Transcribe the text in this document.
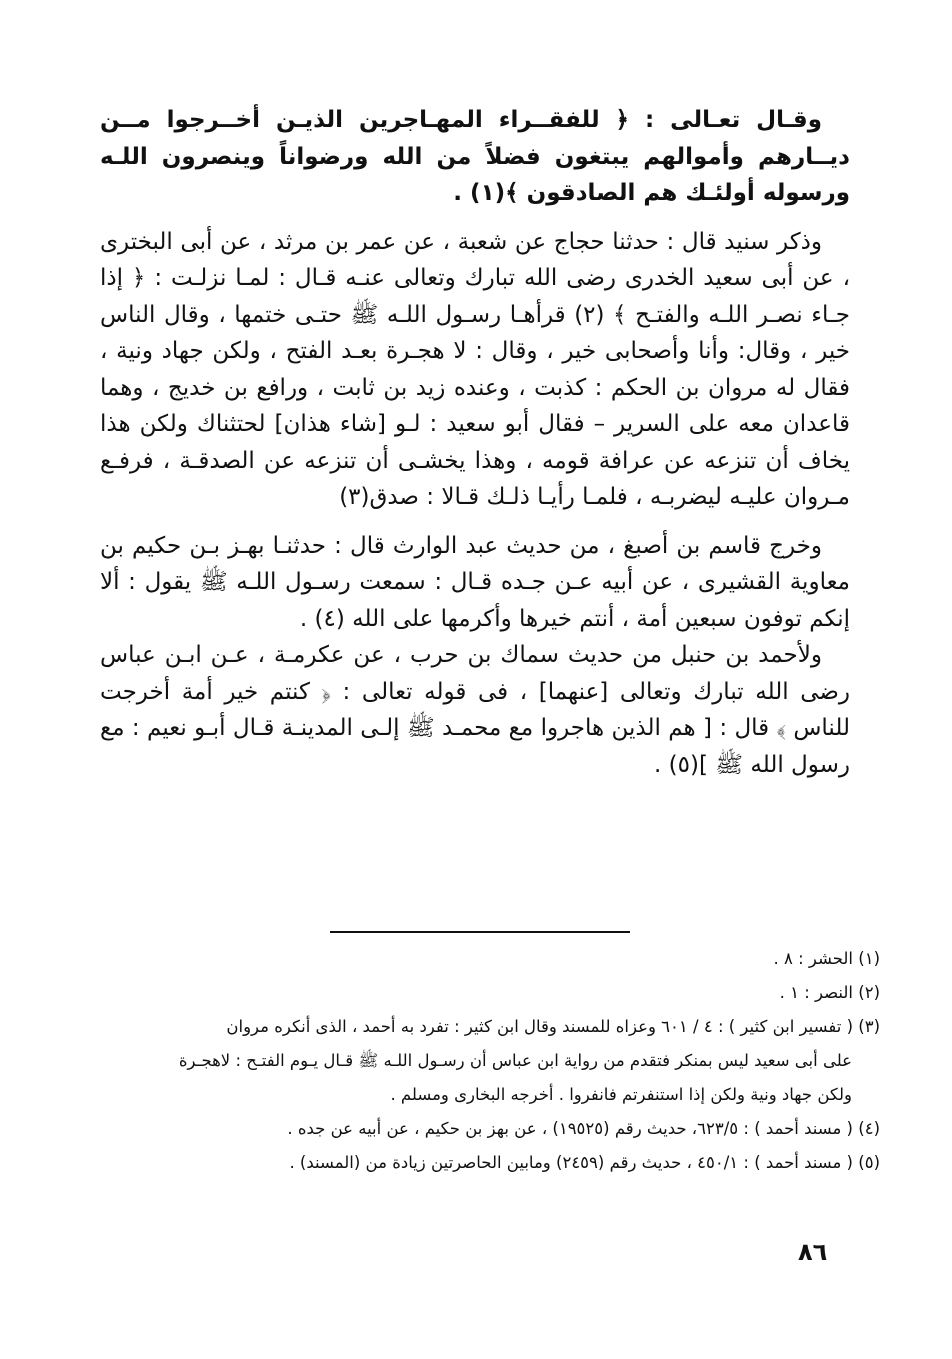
وقـال تعـالى : ﴿ للفقــراء المهـاجرين الذيـن أخــرجوا مــن ديــارهم وأموالهم يبتغون فضلاً من الله ورضواناً وينصرون اللـه ورسوله أولئـك هم الصادقون ﴾(١) .

وذكر سنيد قال : حدثنا حجاج عن شعبة ، عن عمر بن مرثد ، عن أبى البخترى ، عن أبى سعيد الخدرى رضى الله تبارك وتعالى عنـه قـال : لمـا نزلـت : ﴿ إذا جـاء نصـر اللـه والفتـح ﴾ (٢) قرأهـا رسـول اللـه ﷺ حتـى ختمها ، وقال الناس خير ، وقال: وأنا وأصحابى خير ، وقال : لا هجـرة بعـد الفتح ، ولكن جهاد ونية ، فقال له مروان بن الحكم : كذبت ، وعنده زيد بن ثابت ، ورافع بن خديج ، وهما قاعدان معه على السرير – فقال أبو سعيد : لـو [شاء هذان] لحتثناك ولكن هذا يخاف أن تنزعه عن عرافة قومه ، وهذا يخشـى أن تنزعه عن الصدقـة ، فرفـع مـروان عليـه ليضربـه ، فلمـا رأيـا ذلـك قـالا : صدق(٣)

وخرج قاسم بن أصبغ ، من حديث عبد الوارث قال : حدثنـا بهـز بـن حكيم بن معاوية القشيرى ، عن أبيه عـن جـده قـال : سمعت رسـول اللـه ﷺ يقول : ألا إنكم توفون سبعين أمة ، أنتم خيرها وأكرمها على الله (٤) .

ولأحمد بن حنبل من حديث سماك بن حرب ، عن عكرمـة ، عـن ابـن عباس رضى الله تبارك وتعالى [عنهما] ، فى قوله تعالى : ﴿ كنتم خير أمة أخرجت للناس ﴾ قال : [ هم الذين هاجروا مع محمـد ﷺ إلـى المدينـة قـال أبـو نعيم : مع رسول الله ﷺ ](٥) .

(١) الحشر : ٨ .

(٢) النصر : ١ .

(٣) ( تفسير ابن كثير ) : ٤ / ٦٠١ وعزاه للمسند وقال ابن كثير : تفرد به أحمد ، الذى أنكره مروان

على أبى سعيد ليس بمنكر فتقدم من رواية ابن عباس أن رسـول اللـه ﷺ قـال يـوم الفتـح : لاهجـرة

ولكن جهاد ونية ولكن إذا استنفرتم فانفروا . أخرجه البخارى ومسلم .

(٤) ( مسند أحمد ) : ٦٢٣/٥، حديث رقم (١٩٥٢٥) ، عن بهز بن حكيم ، عن أبيه عن جده .

(٥) ( مسند أحمد ) : ٤٥٠/١ ، حديث رقم (٢٤٥٩) ومابين الحاصرتين زيادة من (المسند) .

٨٦
